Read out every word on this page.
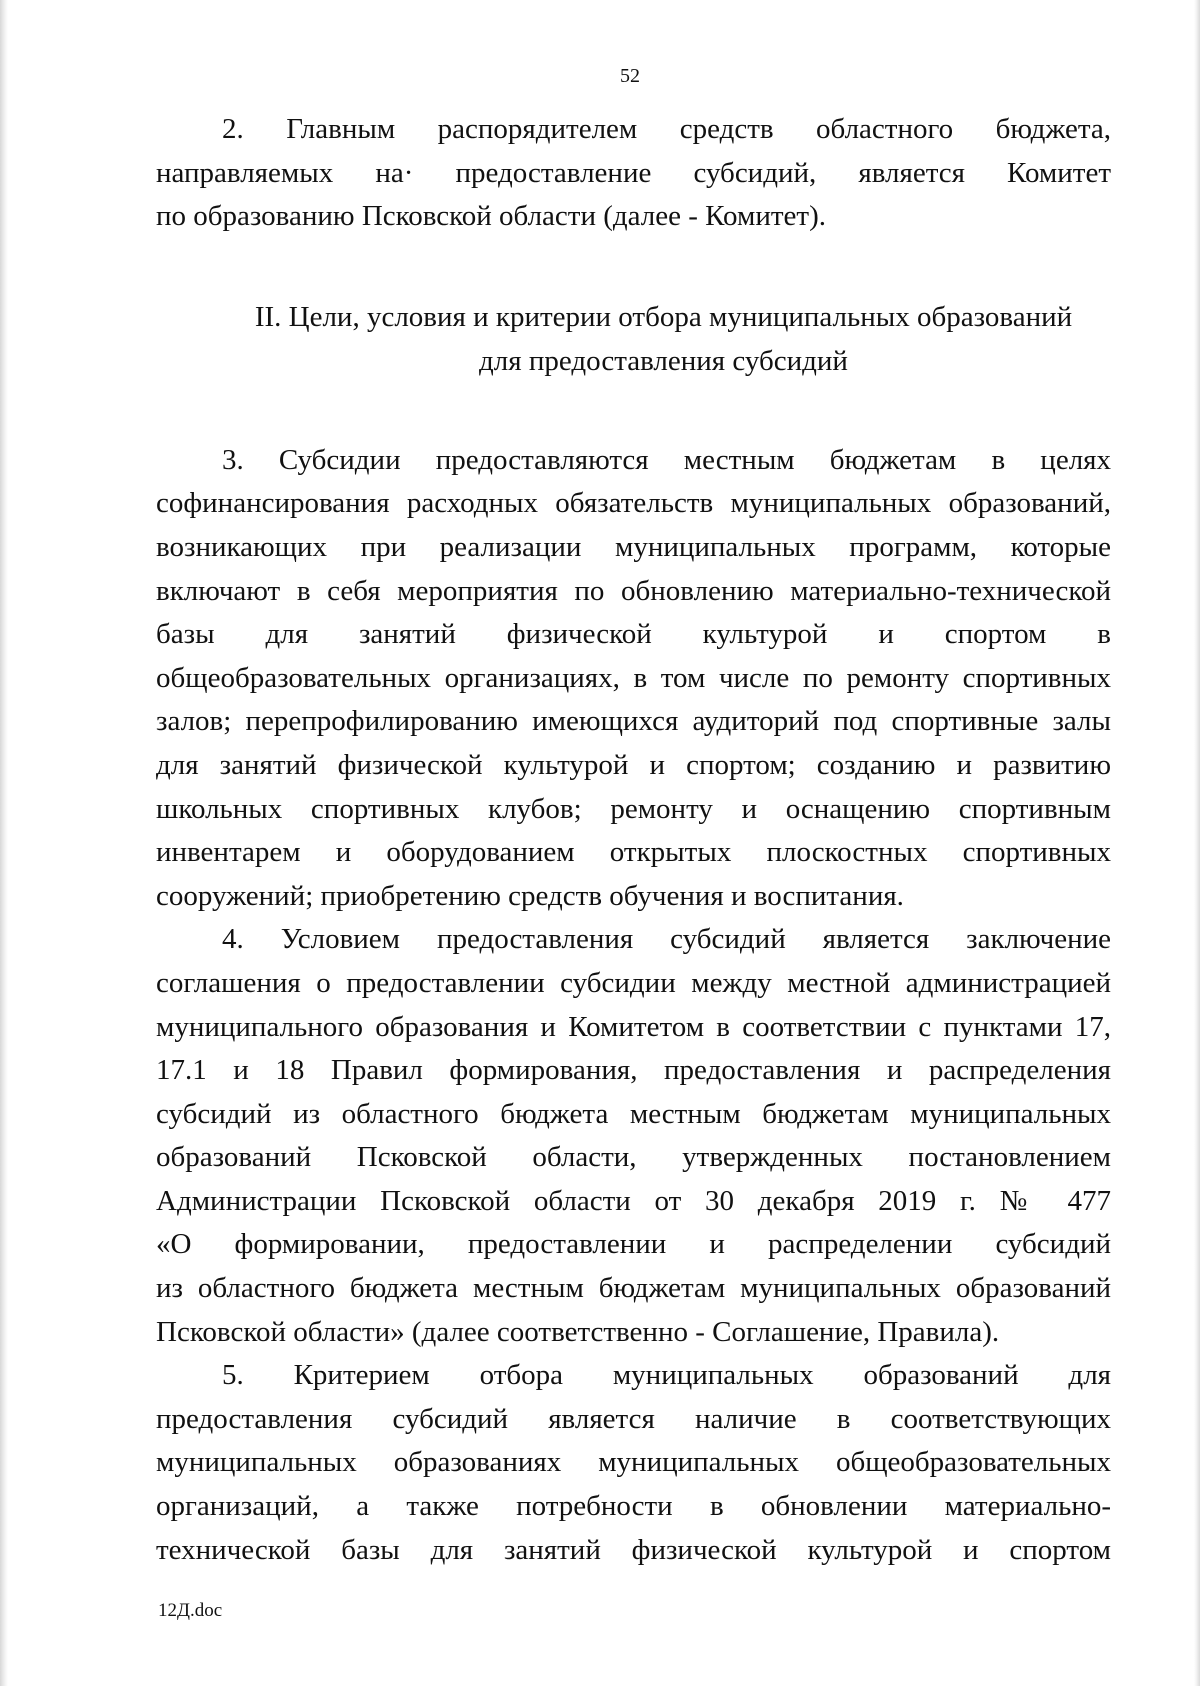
52

2. Главным распорядителем средств областного бюджета,
направляемых на· предоставление субсидий, является Комитет
по образованию Псковской области (далее - Комитет).

II. Цели, условия и критерии отбора муниципальных образований
для предоставления субсидий

3. Субсидии предоставляются местным бюджетам в целях
софинансирования расходных обязательств муниципальных образований,
возникающих при реализации муниципальных программ, которые
включают в себя мероприятия по обновлению материально-технической
базы для занятий физической культурой и спортом в
общеобразовательных организациях, в том числе по ремонту спортивных
залов; перепрофилированию имеющихся аудиторий под спортивные залы
для занятий физической культурой и спортом; созданию и развитию
школьных спортивных клубов; ремонту и оснащению спортивным
инвентарем и оборудованием открытых плоскостных спортивных
сооружений; приобретению средств обучения и воспитания.

4. Условием предоставления субсидий является заключение
соглашения о предоставлении субсидии между местной администрацией
муниципального образования и Комитетом в соответствии с пунктами 17,
17.1 и 18 Правил формирования, предоставления и распределения
субсидий из областного бюджета местным бюджетам муниципальных
образований Псковской области, утвержденных постановлением
Администрации Псковской области от 30 декабря 2019 г. № 477
«О формировании, предоставлении и распределении субсидий
из областного бюджета местным бюджетам муниципальных образований
Псковской области» (далее соответственно - Соглашение, Правила).

5. Критерием отбора муниципальных образований для
предоставления субсидий является наличие в соответствующих
муниципальных образованиях муниципальных общеобразовательных
организаций, а также потребности в обновлении материально-
технической базы для занятий физической культурой и спортом

12Д.doc
